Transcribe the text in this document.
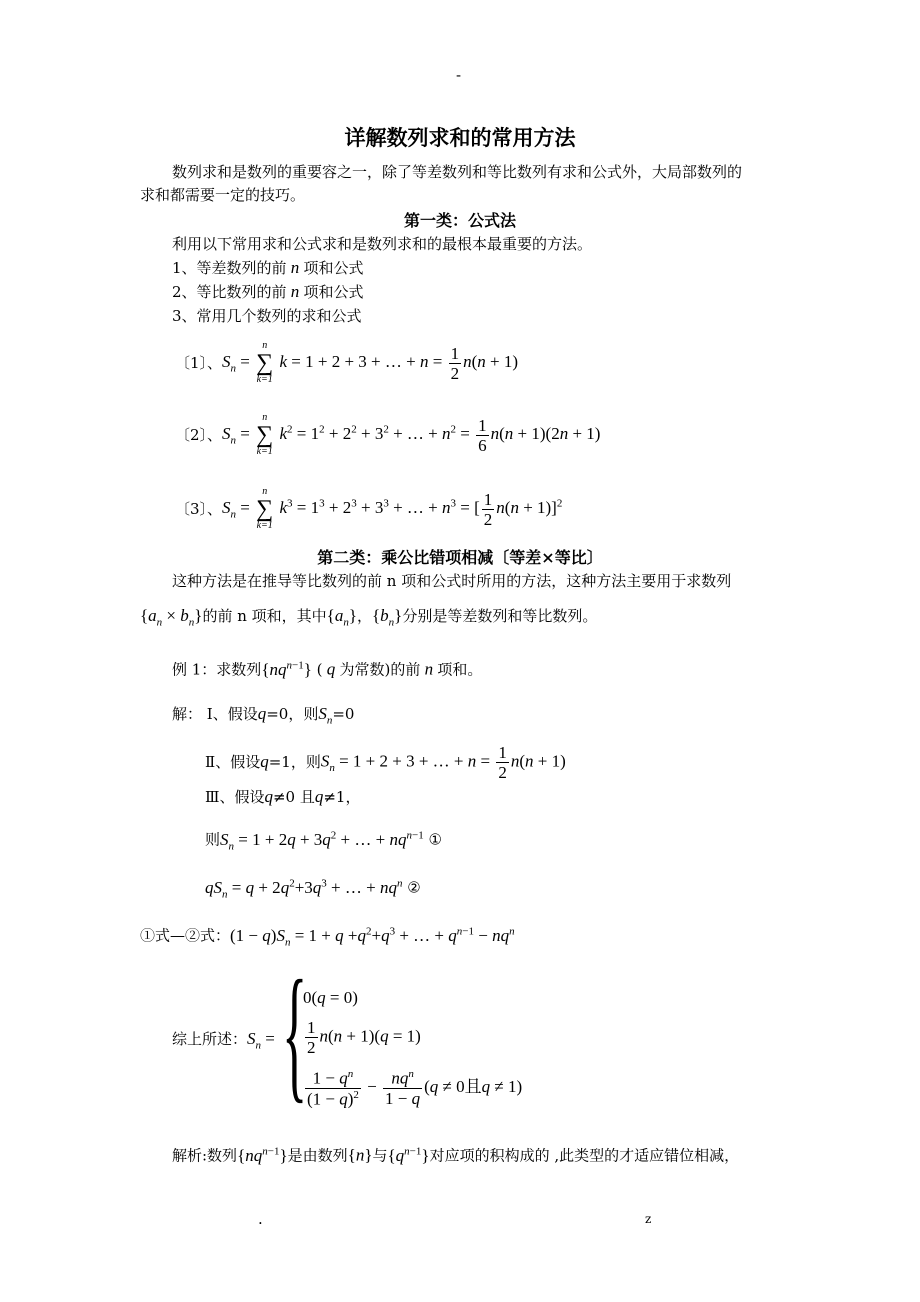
-
详解数列求和的常用方法
数列求和是数列的重要容之一，除了等差数列和等比数列有求和公式外，大局部数列的
求和都需要一定的技巧。
第一类：公式法
利用以下常用求和公式求和是数列求和的最根本最重要的方法。
1、等差数列的前 n 项和公式
2、等比数列的前 n 项和公式
3、常用几个数列的求和公式
〔1〕、 $S_n$ =
n
∑
k=1
k = 1 + 2 + 3 + … + $n = \frac{1}{2} n(n + 1)$
〔2〕、 $S_n$ =
n
∑
k=1
$k^2 = 1^2 + 2^2 + 3^2$ + … + $n^2 = \frac{1}{6} n(n + 1)(2n + 1)$
〔3〕、 $S_n$ =
n
∑
k=1
$k^3 = 1^3 + 2^3 + 3^3$ + … + $n^3$ = [ $\frac{1}{2} n(n + 1)]^2$
第二类：乘公比错项相减〔等差×等比〕
这种方法是在推导等比数列的前 n 项和公式时所用的方法，这种方法主要用于求数列
$\{a_n \times b_n\}$的前 n 项和，其中$\{a_n\}$，$\{b_n\}$分别是等差数列和等比数列。
例 1：求数列$\{nq^{n-1}\}$ ( q 为常数)的前 n 项和。
解： Ⅰ、假设q=0，则$S_n=0$
Ⅱ、假设 q =1，则 $S_n = 1 + 2 + 3$ + … + $n = \frac{1}{2} n(n + 1)$
Ⅲ、假设q≠0 且q≠1，
则$S_n = 1 + 2q + 3q^2$ + … + $nq^{n-1}$ ①
$qS_n = q + 2q^2+3q^3$ + … + $nq^n$ ②
①式—②式：$(1 - q)S_n = 1 + q +q^2+q^3$ + … + $q^{n-1} - nq^n$
综上所述：$S_n$ = {
0(q = 0)
$\frac{1}{2} n(n + 1)(q = 1)$
$\frac{1 - q^n}{(1 - q)^2} - \frac{nq^n}{1 - q} (q \ne 0$且q ≠ 1)
解析:数列$\{nq^{n-1}\}$是由数列{n}与$\{q^{n-1}\}$对应项的积构成的 ,此类型的才适应错位相减，
.	z
